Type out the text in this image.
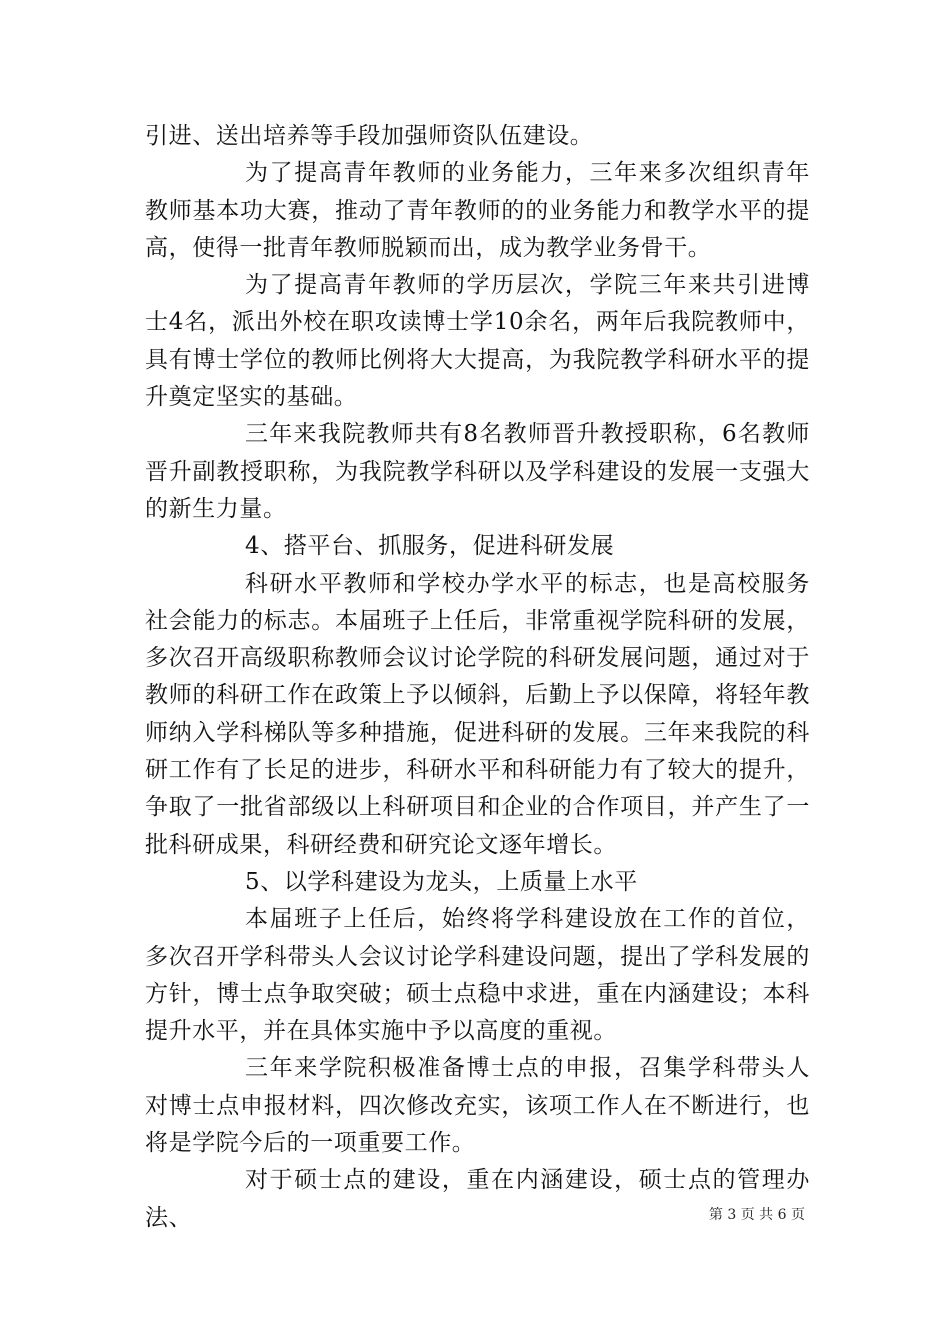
引进、送出培养等手段加强师资队伍建设。

为了提高青年教师的业务能力，三年来多次组织青年教师基本功大赛，推动了青年教师的的业务能力和教学水平的提高，使得一批青年教师脱颖而出，成为教学业务骨干。

为了提高青年教师的学历层次，学院三年来共引进博士4名，派出外校在职攻读博士学10余名，两年后我院教师中，具有博士学位的教师比例将大大提高，为我院教学科研水平的提升奠定坚实的基础。

三年来我院教师共有8名教师晋升教授职称，6名教师晋升副教授职称，为我院教学科研以及学科建设的发展一支强大的新生力量。

4、搭平台、抓服务，促进科研发展

科研水平教师和学校办学水平的标志，也是高校服务社会能力的标志。本届班子上任后，非常重视学院科研的发展，多次召开高级职称教师会议讨论学院的科研发展问题，通过对于教师的科研工作在政策上予以倾斜，后勤上予以保障，将轻年教师纳入学科梯队等多种措施，促进科研的发展。三年来我院的科研工作有了长足的进步，科研水平和科研能力有了较大的提升，争取了一批省部级以上科研项目和企业的合作项目，并产生了一批科研成果，科研经费和研究论文逐年增长。

5、以学科建设为龙头，上质量上水平

本届班子上任后，始终将学科建设放在工作的首位，多次召开学科带头人会议讨论学科建设问题，提出了学科发展的方针，博士点争取突破；硕士点稳中求进，重在内涵建设；本科提升水平，并在具体实施中予以高度的重视。

三年来学院积极准备博士点的申报，召集学科带头人对博士点申报材料，四次修改充实，该项工作人在不断进行，也将是学院今后的一项重要工作。

对于硕士点的建设，重在内涵建设，硕士点的管理办法、	第 3 页 共 6 页
